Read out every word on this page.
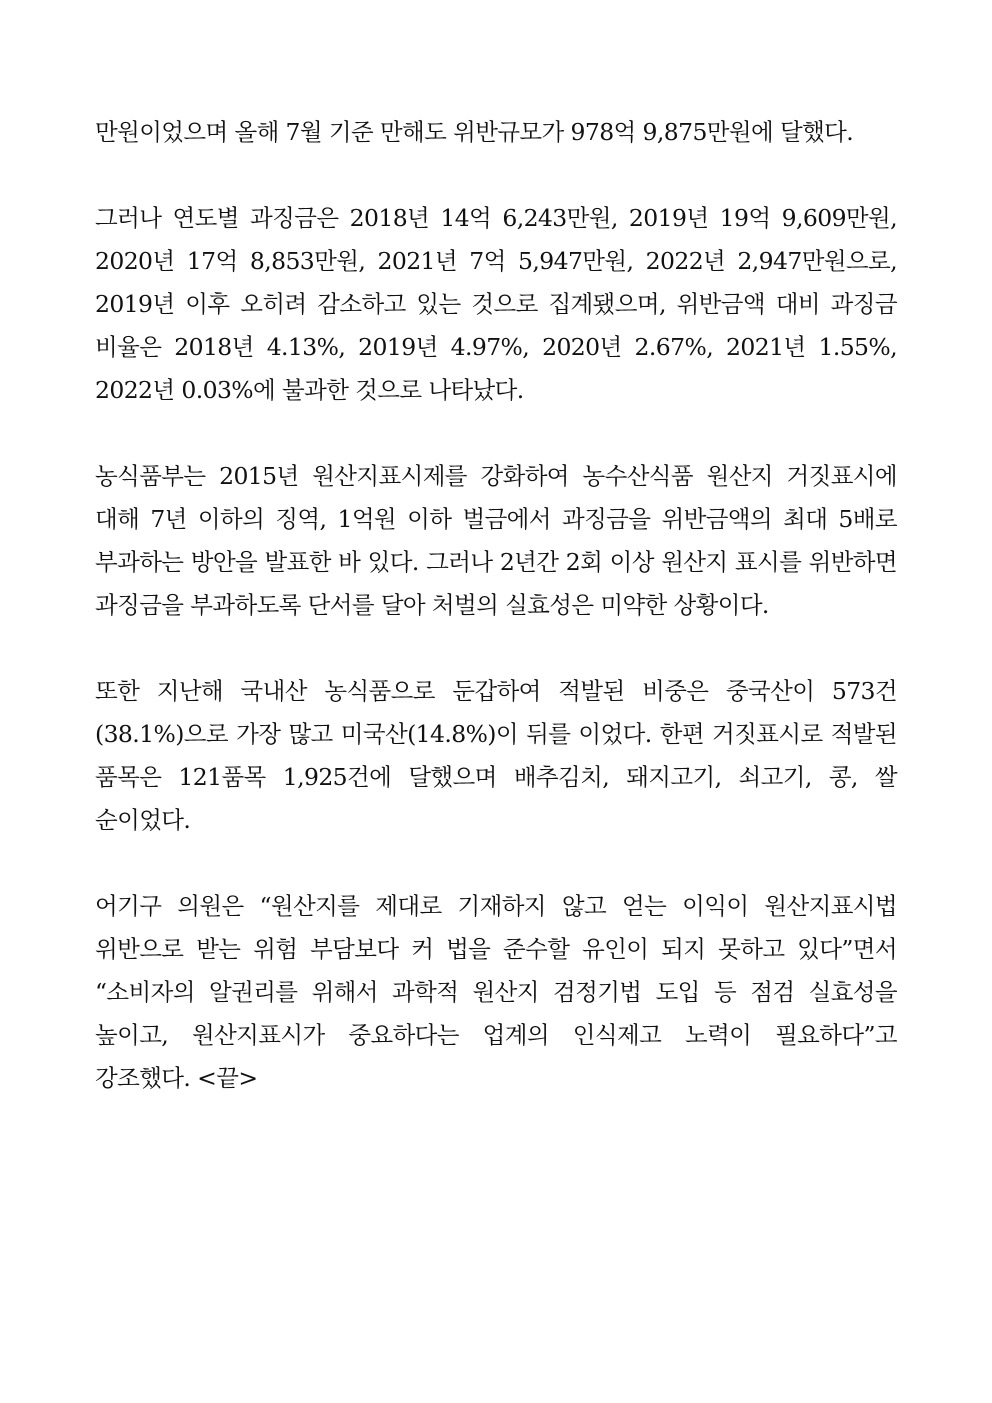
만원이었으며 올해 7월 기준 만해도 위반규모가 978억 9,875만원에 달했다.

그러나 연도별 과징금은 2018년 14억 6,243만원, 2019년 19억 9,609만원, 2020년 17억 8,853만원, 2021년 7억 5,947만원, 2022년 2,947만원으로, 2019년 이후 오히려 감소하고 있는 것으로 집계됐으며, 위반금액 대비 과징금 비율은 2018년 4.13%, 2019년 4.97%, 2020년 2.67%, 2021년 1.55%, 2022년 0.03%에 불과한 것으로 나타났다.

농식품부는 2015년 원산지표시제를 강화하여 농수산식품 원산지 거짓표시에 대해 7년 이하의 징역, 1억원 이하 벌금에서 과징금을 위반금액의 최대 5배로 부과하는 방안을 발표한 바 있다. 그러나 2년간 2회 이상 원산지 표시를 위반하면 과징금을 부과하도록 단서를 달아 처벌의 실효성은 미약한 상황이다.

또한 지난해 국내산 농식품으로 둔갑하여 적발된 비중은 중국산이 573건(38.1%)으로 가장 많고 미국산(14.8%)이 뒤를 이었다. 한편 거짓표시로 적발된 품목은 121품목 1,925건에 달했으며 배추김치, 돼지고기, 쇠고기, 콩, 쌀 순이었다.

어기구 의원은 “원산지를 제대로 기재하지 않고 얻는 이익이 원산지표시법 위반으로 받는 위험 부담보다 커 법을 준수할 유인이 되지 못하고 있다”면서 “소비자의 알권리를 위해서 과학적 원산지 검정기법 도입 등 점검 실효성을 높이고, 원산지표시가 중요하다는 업계의 인식제고 노력이 필요하다”고 강조했다. <끝>
